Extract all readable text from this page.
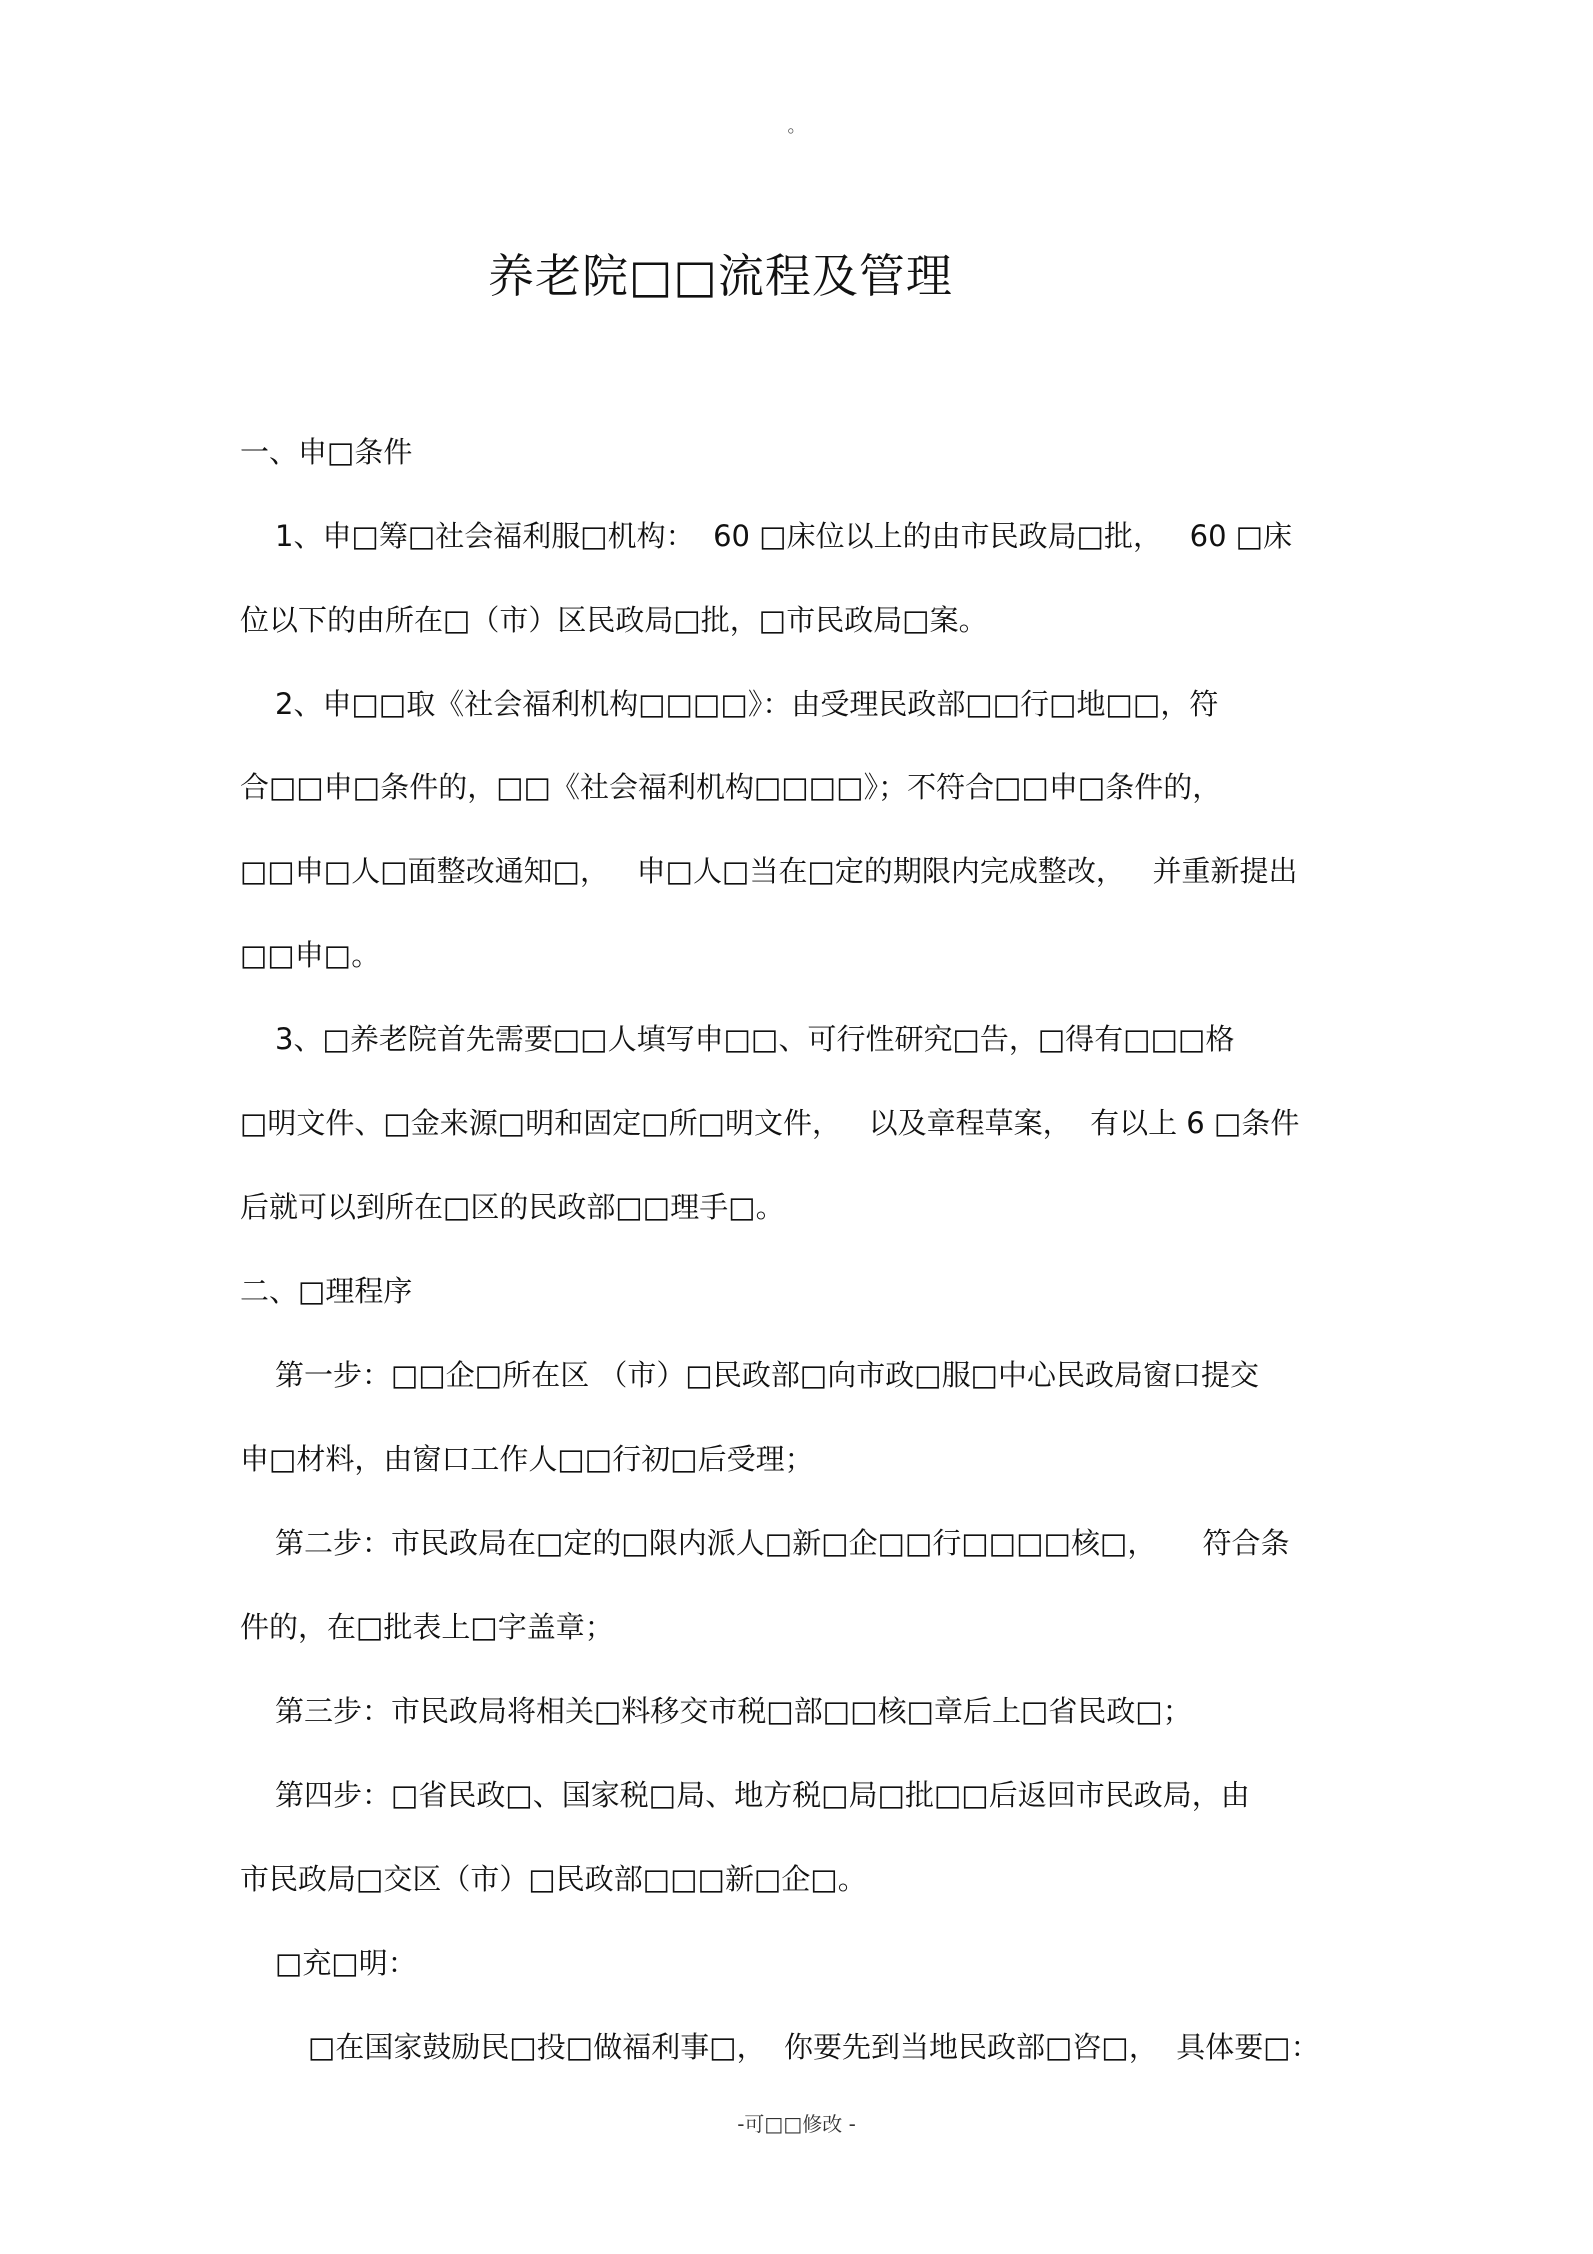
。
养老院□□流程及管理
一、申□条件
1、申□筹□社会福利服□机构：  60 □床位以上的由市民政局□批，   60 □床
位以下的由所在□（市）区民政局□批，□市民政局□案。
2、申□□取《社会福利机构□□□□》：由受理民政部□□行□地□□，符
合□□申□条件的，□□《社会福利机构□□□□》；不符合□□申□条件的，
□□申□人□面整改通知□，   申□人□当在□定的期限内完成整改，   并重新提出
□□申□。
3、□养老院首先需要□□人填写申□□、可行性研究□告，□得有□□□格
□明文件、□金来源□明和固定□所□明文件，   以及章程草案，  有以上 6 □条件
后就可以到所在□区的民政部□□理手□。
二、□理程序
第一步：□□企□所在区 （市）□民政部□向市政□服□中心民政局窗口提交
申□材料，由窗口工作人□□行初□后受理；
第二步：市民政局在□定的□限内派人□新□企□□行□□□□核□，     符合条
件的，在□批表上□字盖章；
第三步：市民政局将相关□料移交市税□部□□核□章后上□省民政□；
第四步：□省民政□、国家税□局、地方税□局□批□□后返回市民政局，由
市民政局□交区（市）□民政部□□□新□企□。
□充□明：
□在国家鼓励民□投□做福利事□，  你要先到当地民政部□咨□，  具体要□：
-可□□修改 -
